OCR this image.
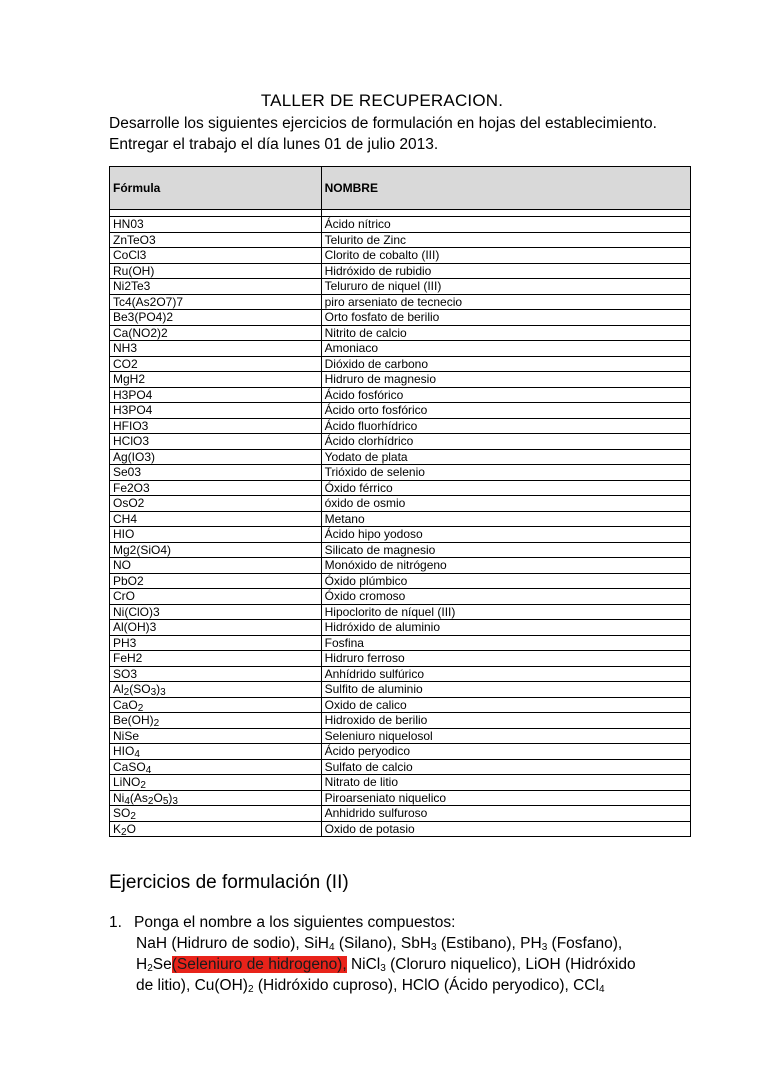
TALLER DE RECUPERACION.
Desarrolle los siguientes ejercicios de formulación en hojas del establecimiento.
Entregar el trabajo el día lunes 01 de julio 2013.
Fórmula	NOMBRE

HN03	Ácido nítrico
ZnTeO3	Telurito de Zinc
CoCl3	Clorito de cobalto (III)
Ru(OH)	Hidróxido de rubidio
Ni2Te3	Telururo de niquel (III)
Tc4(As2O7)7	piro arseniato de tecnecio
Be3(PO4)2	Orto fosfato de berilio
Ca(NO2)2	Nitrito de calcio
NH3	Amoniaco
CO2	Dióxido de carbono
MgH2	Hidruro de magnesio
H3PO4	Ácido fosfórico
H3PO4	Ácido orto fosfórico
HFIO3	Ácido fluorhídrico
HClO3	Ácido clorhídrico
Ag(IO3)	Yodato de plata
Se03	Trióxido de selenio
Fe2O3	Óxido férrico
OsO2	óxido de osmio
CH4	Metano
HIO	Ácido hipo yodoso
Mg2(SiO4)	Silicato de magnesio
NO	Monóxido de nitrógeno
PbO2	Óxido plúmbico
CrO	Óxido cromoso
Ni(ClO)3	Hipoclorito de níquel (III)
Al(OH)3	Hidróxido de aluminio
PH3	Fosfina
FeH2	Hidruro ferroso
SO3	Anhídrido sulfúrico
$Al_2(SO_3)_3$	Sulfito de aluminio
CaO$_2$	Oxido de calico
$Be(OH)_2$	Hidroxido de berilio
NiSe	Seleniuro niquelosol
$HIO_4$	Ácido peryodico
CaSO$_4$	Sulfato de calcio
LiNO$_2$	Nitrato de litio
$Ni_4(As_2O_5)_3$	Piroarseniato niquelico
$SO_2$	Anhidrido sulfuroso
$K_2O$	Oxido de potasio
Ejercicios de formulación (II)
1. Ponga el nombre a los siguientes compuestos:
NaH (Hidruro de sodio), SiH$_4$ (Silano), SbH$_3$ (Estibano), $PH_3$ (Fosfano),
$H_2Se(Seleniuro$ de hidrogeno), NiCl$_3$ (Cloruro niquelico), LiOH (Hidróxido
de litio), $Cu(OH)_2$ (Hidróxido cuproso), HClO (Ácido peryodico), CCl$_4$
